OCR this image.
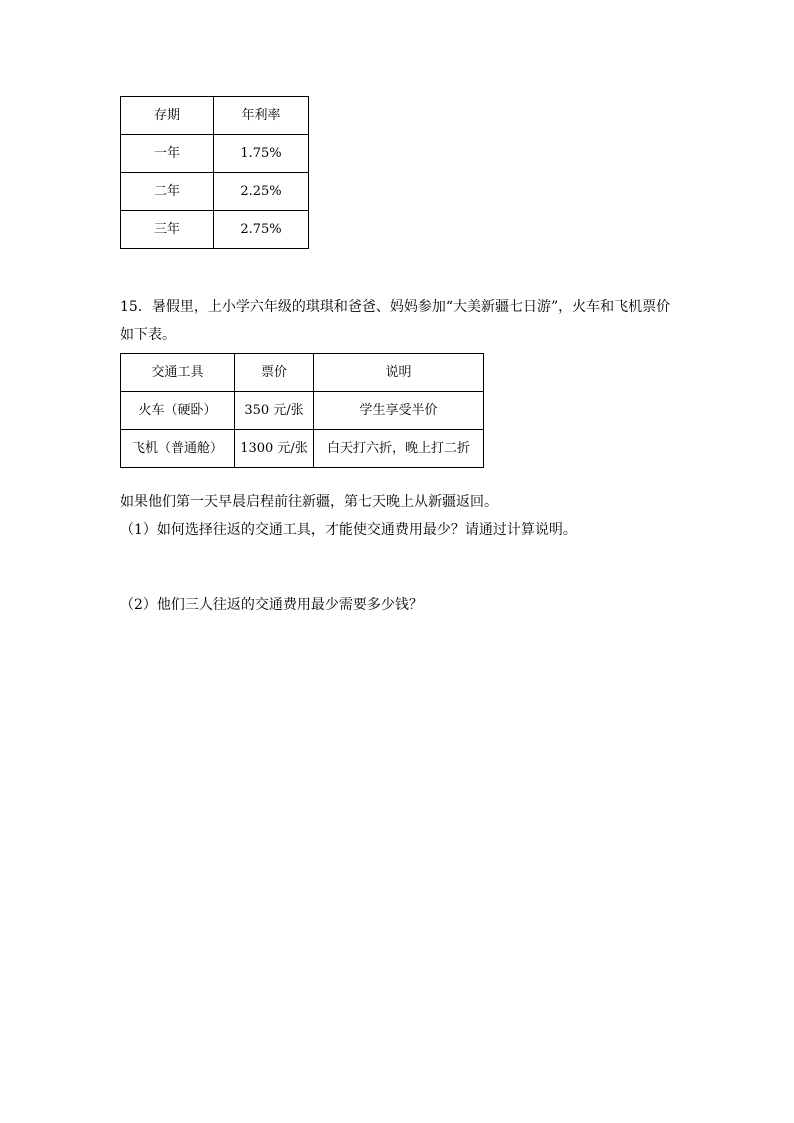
存期	年利率
一年	1.75%
二年	2.25%
三年	2.75%
15．暑假里，上小学六年级的琪琪和爸爸、妈妈参加“大美新疆七日游”，火车和飞机票价
如下表。
交通工具	票价	说明
火车（硬卧）	350 元/张	学生享受半价
飞机（普通舱）	1300 元/张	白天打六折，晚上打二折
如果他们第一天早晨启程前往新疆，第七天晚上从新疆返回。
（1）如何选择往返的交通工具，才能使交通费用最少？请通过计算说明。
（2）他们三人往返的交通费用最少需要多少钱？
